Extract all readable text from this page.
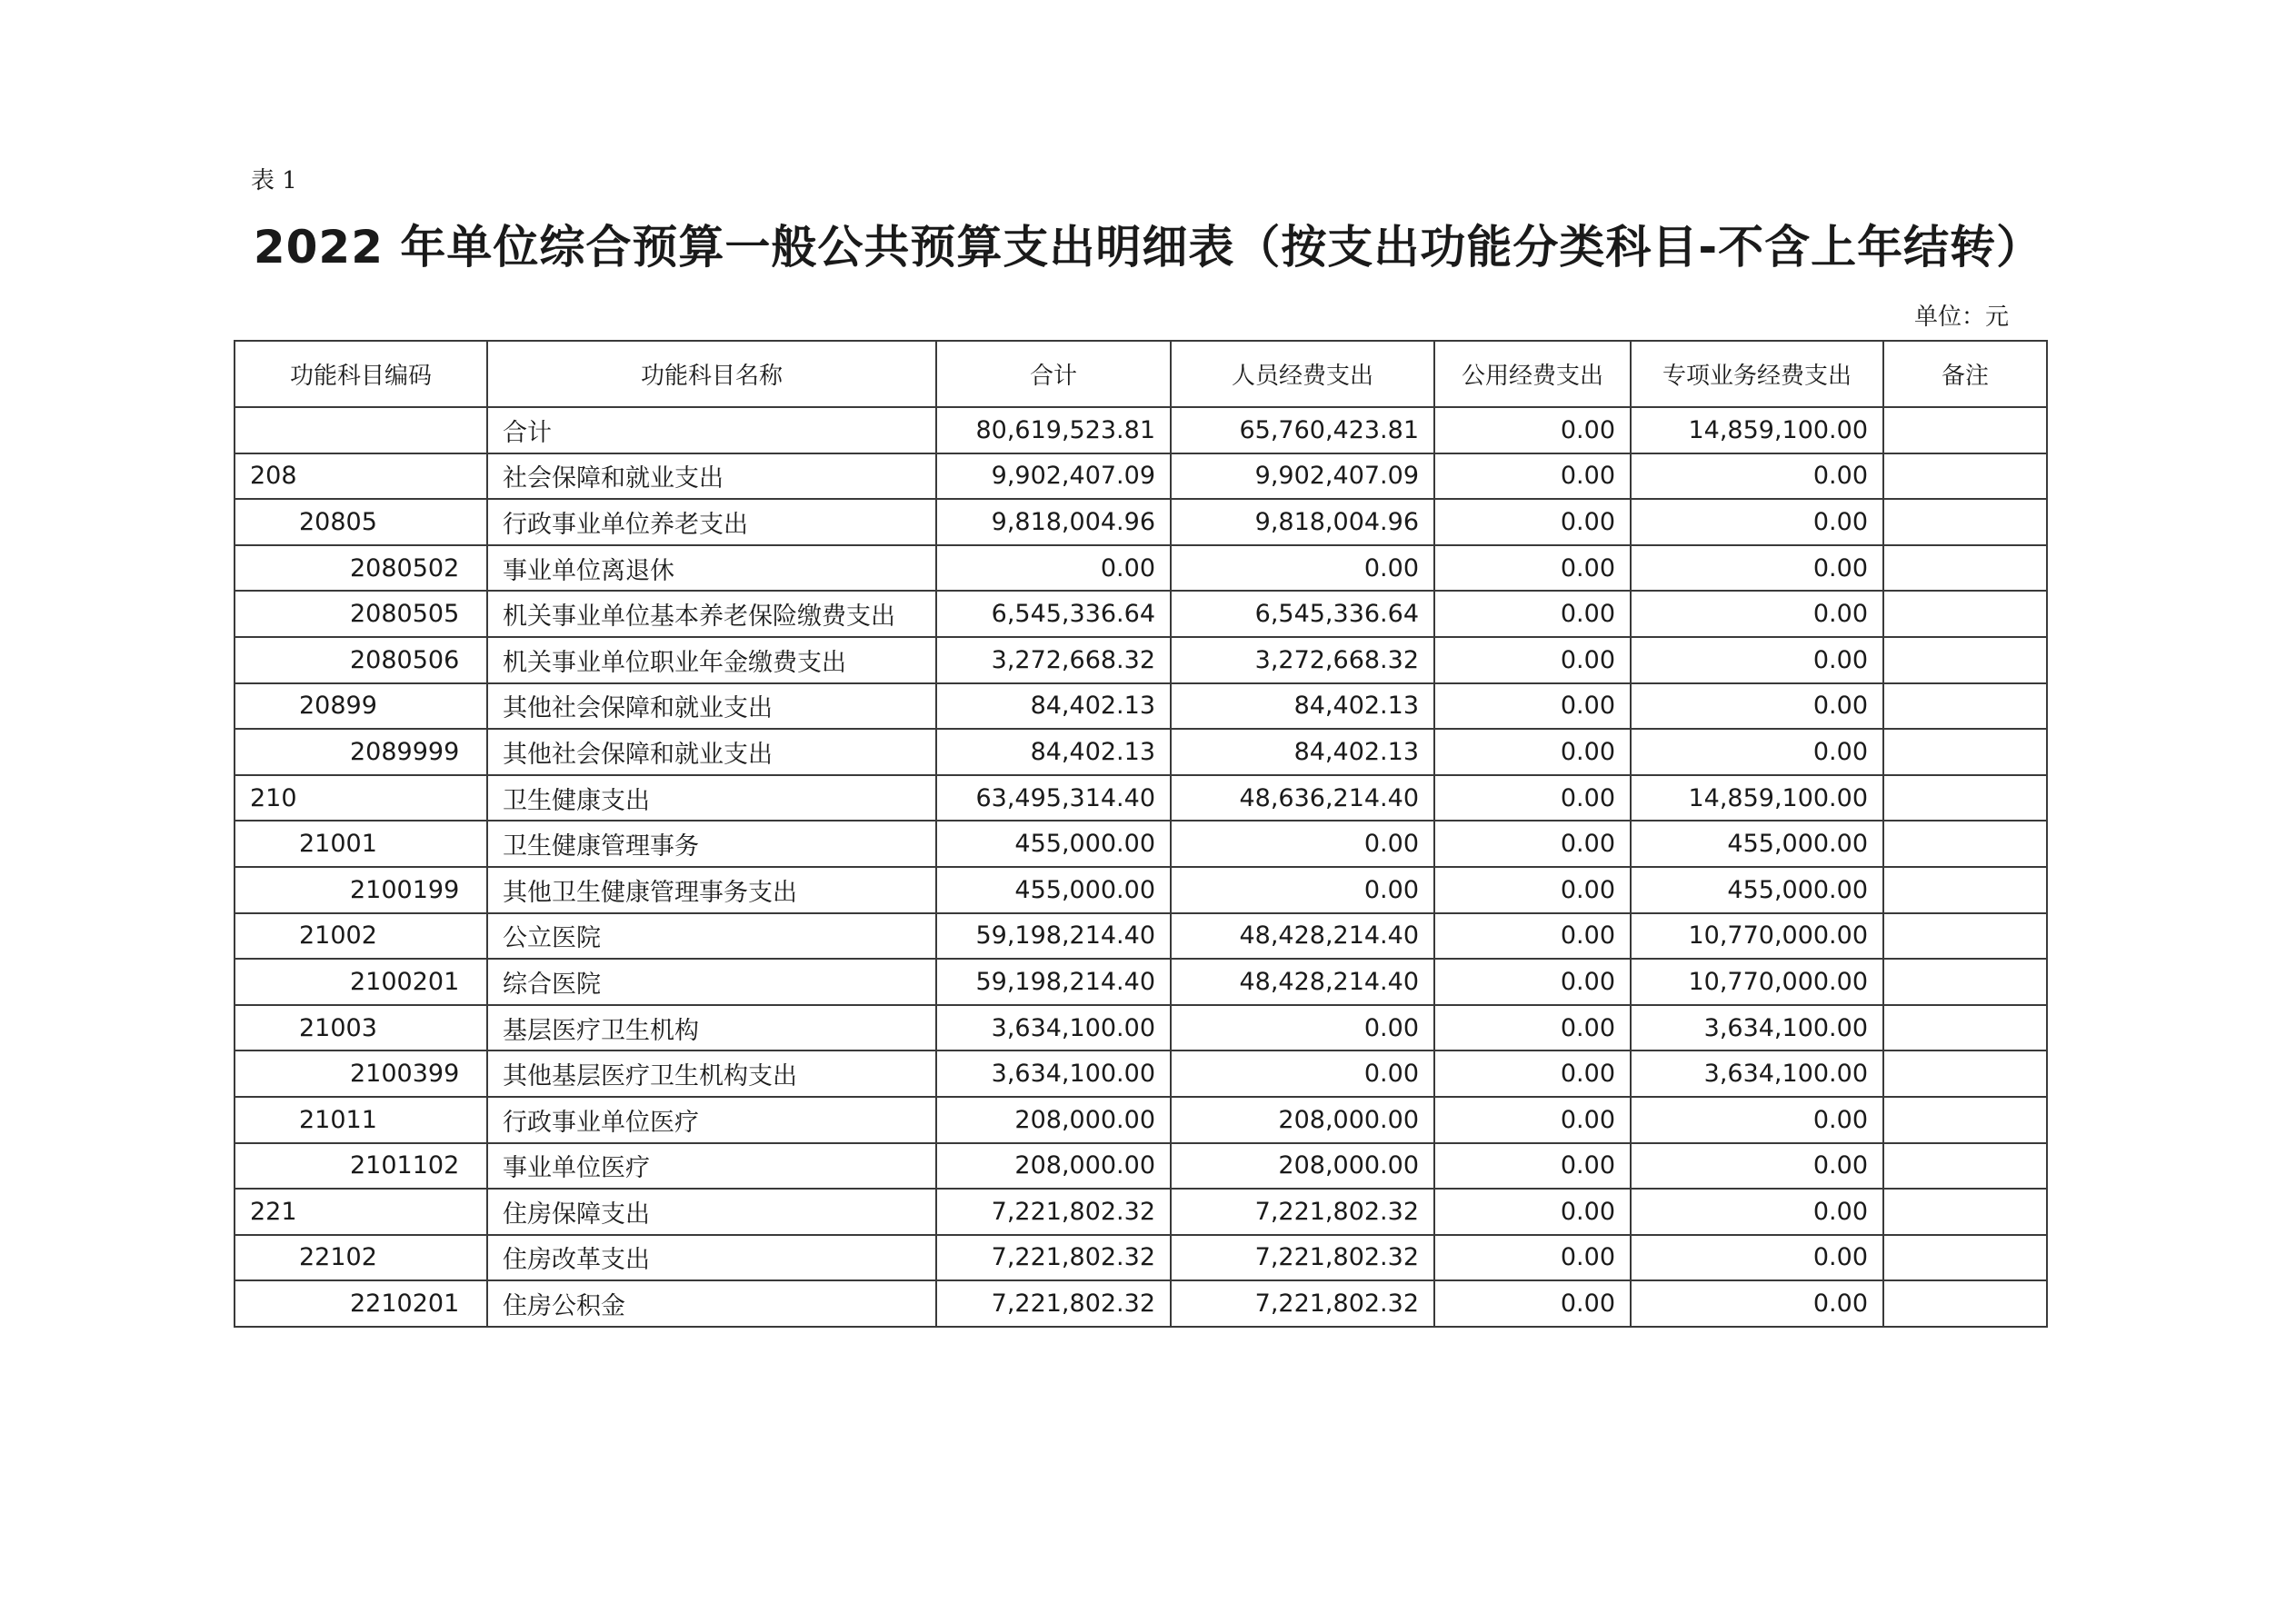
表 1
2022 年单位综合预算一般公共预算支出明细表（按支出功能分类科目-不含上年结转）
单位：元
功能科目编码	功能科目名称	合计	人员经费支出	公用经费支出	专项业务经费支出	备注
	合计	80,619,523.81	65,760,423.81	0.00	14,859,100.00	
208	社会保障和就业支出	9,902,407.09	9,902,407.09	0.00	0.00	
20805	行政事业单位养老支出	9,818,004.96	9,818,004.96	0.00	0.00	
2080502	事业单位离退休	0.00	0.00	0.00	0.00	
2080505	机关事业单位基本养老保险缴费支出	6,545,336.64	6,545,336.64	0.00	0.00	
2080506	机关事业单位职业年金缴费支出	3,272,668.32	3,272,668.32	0.00	0.00	
20899	其他社会保障和就业支出	84,402.13	84,402.13	0.00	0.00	
2089999	其他社会保障和就业支出	84,402.13	84,402.13	0.00	0.00	
210	卫生健康支出	63,495,314.40	48,636,214.40	0.00	14,859,100.00	
21001	卫生健康管理事务	455,000.00	0.00	0.00	455,000.00	
2100199	其他卫生健康管理事务支出	455,000.00	0.00	0.00	455,000.00	
21002	公立医院	59,198,214.40	48,428,214.40	0.00	10,770,000.00	
2100201	综合医院	59,198,214.40	48,428,214.40	0.00	10,770,000.00	
21003	基层医疗卫生机构	3,634,100.00	0.00	0.00	3,634,100.00	
2100399	其他基层医疗卫生机构支出	3,634,100.00	0.00	0.00	3,634,100.00	
21011	行政事业单位医疗	208,000.00	208,000.00	0.00	0.00	
2101102	事业单位医疗	208,000.00	208,000.00	0.00	0.00	
221	住房保障支出	7,221,802.32	7,221,802.32	0.00	0.00	
22102	住房改革支出	7,221,802.32	7,221,802.32	0.00	0.00	
2210201	住房公积金	7,221,802.32	7,221,802.32	0.00	0.00	
